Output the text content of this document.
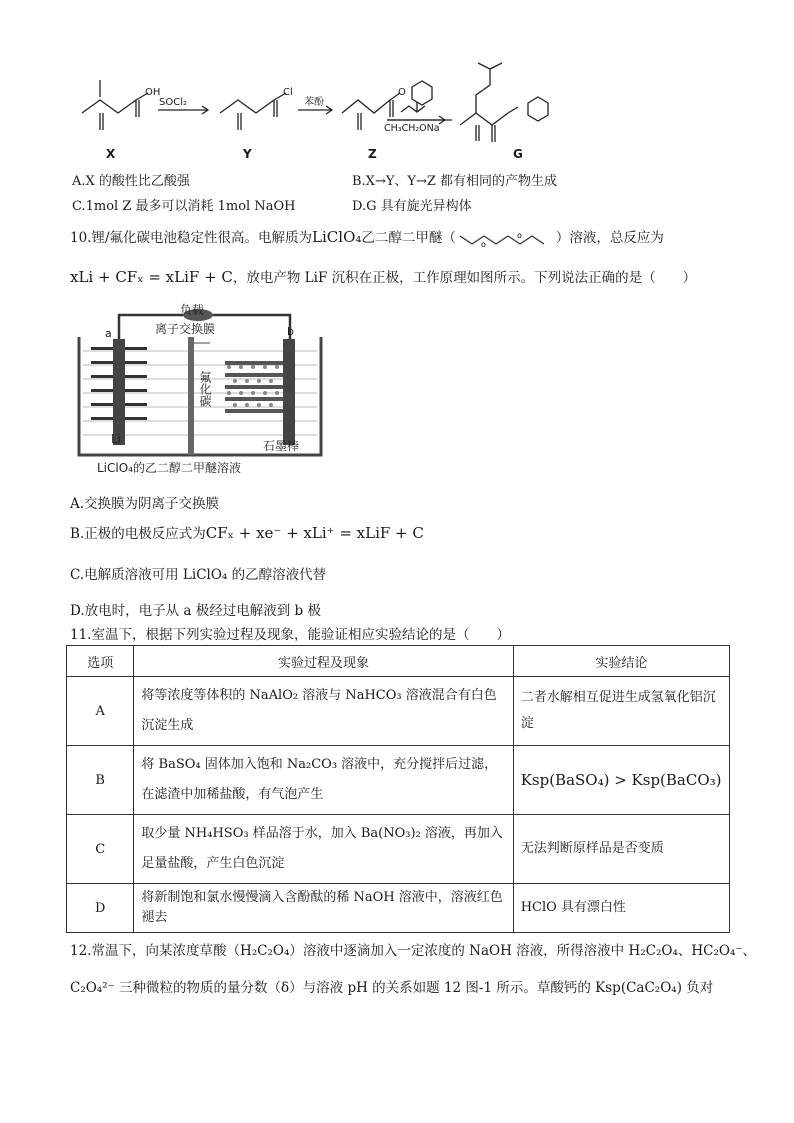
OH	Cl	O
SOCl₂	苯酚
CH₃CH₂ONa
X	Y	Z	G
A.X 的酸性比乙酸强	B.X→Y、Y→Z 都有相同的产物生成
C.1mol Z 最多可以消耗 1mol NaOH	D.G 具有旋光异构体
10.锂/氟化碳电池稳定性很高。电解质为LiClO₄乙二醇二甲醚（	o
o	）溶液，总反应为
xLi + CFₓ = xLiF + C，放电产物 LiF 沉积在正极，工作原理如图所示。下列说法正确的是（　　）
负载
离子交换膜
a	b
Li	石墨棒
LiClO₄的乙二醇二甲醚溶液
氟化碳
A.交换膜为阴离子交换膜
B.正极的电极反应式为CFₓ + xe⁻ + xLi⁺ = xLiF + C
C.电解质溶液可用 LiClO₄ 的乙醇溶液代替
D.放电时，电子从 a 极经过电解液到 b 极
11.室温下，根据下列实验过程及现象，能验证相应实验结论的是（　　）
选项	实验过程及现象	实验结论
A	将等浓度等体积的 NaAlO₂ 溶液与 NaHCO₃ 溶液混合有白色沉淀生成	二者水解相互促进生成氢氧化铝沉淀
B	将 BaSO₄ 固体加入饱和 Na₂CO₃ 溶液中，充分搅拌后过滤，在滤渣中加稀盐酸，有气泡产生	Ksp(BaSO₄) > Ksp(BaCO₃)
C	取少量 NH₄HSO₃ 样品溶于水，加入 Ba(NO₃)₂ 溶液，再加入足量盐酸，产生白色沉淀	无法判断原样品是否变质
D	将新制饱和氯水慢慢滴入含酚酞的稀 NaOH 溶液中，溶液红色褪去	HClO 具有漂白性
12.常温下，向某浓度草酸（H₂C₂O₄）溶液中逐滴加入一定浓度的 NaOH 溶液，所得溶液中 H₂C₂O₄、HC₂O₄⁻、
C₂O₄²⁻ 三种微粒的物质的量分数（δ）与溶液 pH 的关系如题 12 图-1 所示。草酸钙的 Ksp(CaC₂O₄) 负对
